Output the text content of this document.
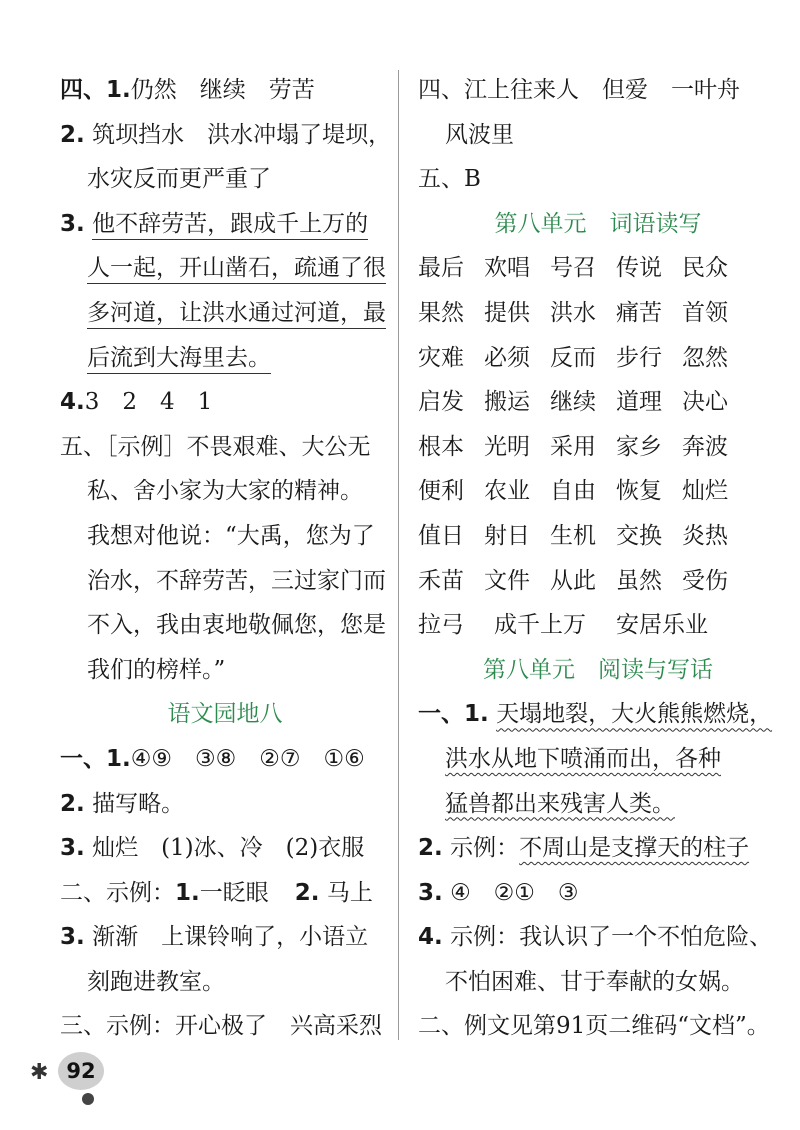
四、1.仍然　继续　劳苦
2. 筑坝挡水　洪水冲塌了堤坝，
水灾反而更严重了
3. 他不辞劳苦，跟成千上万的
人一起，开山凿石，疏通了很
多河道，让洪水通过河道，最
后流到大海里去。
4.3　2　4　1
五、［示例］不畏艰难、大公无
私、舍小家为大家的精神。
我想对他说：“大禹，您为了
治水，不辞劳苦，三过家门而
不入，我由衷地敬佩您，您是
我们的榜样。”
语文园地八
一、1.④⑨　③⑧　②⑦　①⑥
2. 描写略。
3. 灿烂　(1)冰、冷　(2)衣服
二、示例：1.一眨眼 2. 马上
3. 渐渐　上课铃响了，小语立
刻跑进教室。
三、示例：开心极了　兴高采烈
四、江上往来人　但爱　一叶舟
风波里
五、B
第八单元　词语读写
最后 欢唱 号召 传说 民众
果然 提供 洪水 痛苦 首领
灾难 必须 反而 步行 忽然
启发 搬运 继续 道理 决心
根本 光明 采用 家乡 奔波
便利 农业 自由 恢复 灿烂
值日 射日 生机 交换 炎热
禾苗 文件 从此 虽然 受伤
拉弓 成千上万 安居乐业
第八单元　阅读与写话
一、1. 天塌地裂，大火熊熊燃烧，
洪水从地下喷涌而出，各种
猛兽都出来残害人类。
2. 示例：不周山是支撑天的柱子
3. ④　②①　③
4. 示例：我认识了一个不怕危险、
不怕困难、甘于奉献的女娲。
二、例文见第91页二维码“文档”。
✱ 92
